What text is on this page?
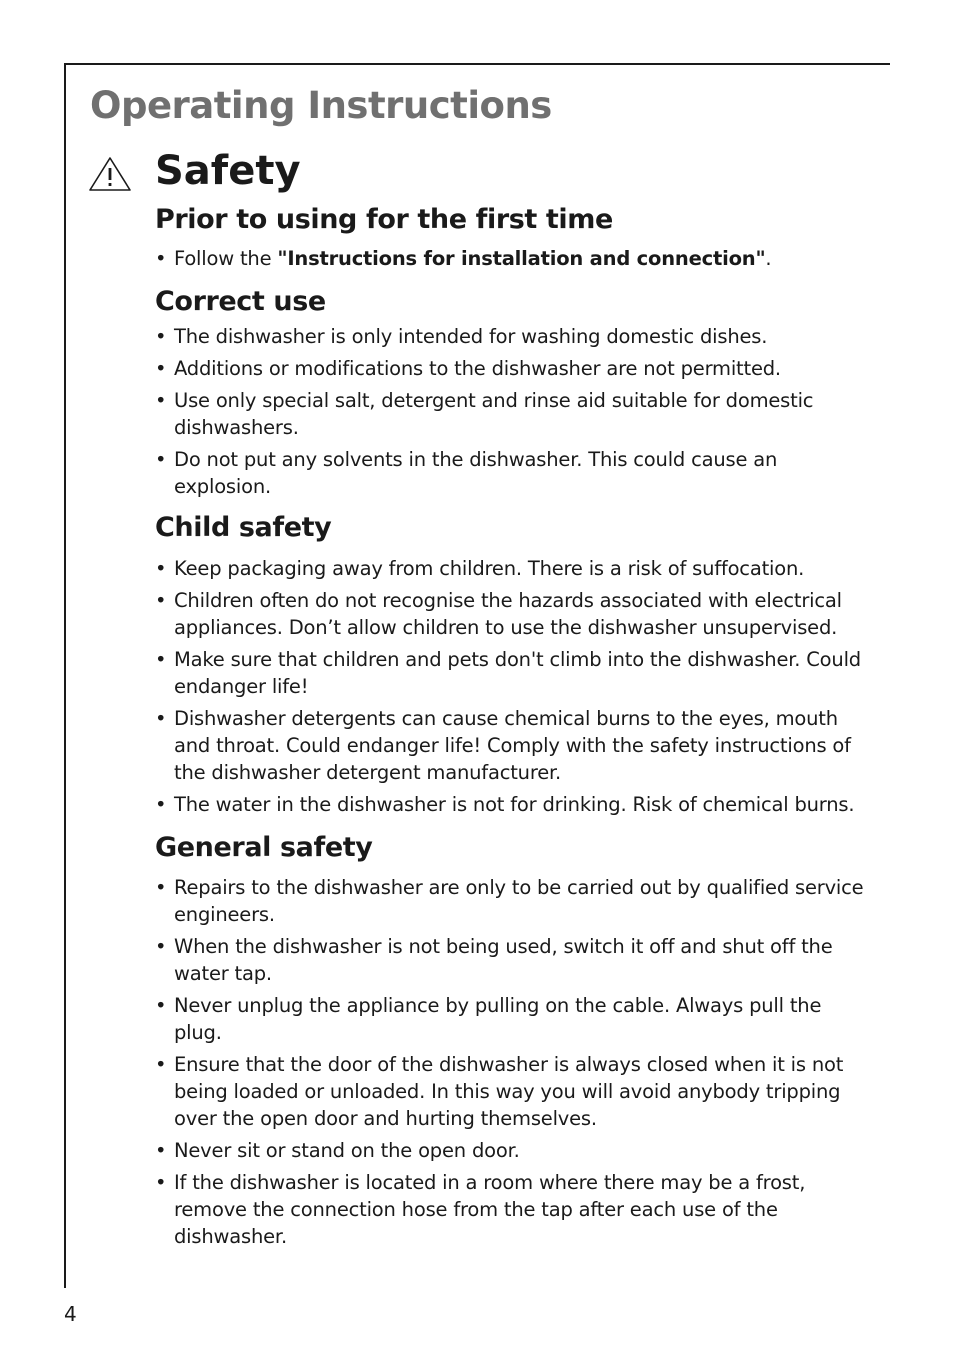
Operating Instructions
Safety
Prior to using for the first time
• Follow the "Instructions for installation and connection".
Correct use
• The dishwasher is only intended for washing domestic dishes.
• Additions or modifications to the dishwasher are not permitted.
• Use only special salt, detergent and rinse aid suitable for domestic dishwashers.
• Do not put any solvents in the dishwasher. This could cause an explosion.
Child safety
• Keep packaging away from children. There is a risk of suffocation.
• Children often do not recognise the hazards associated with electrical appliances. Don’t allow children to use the dishwasher unsupervised.
• Make sure that children and pets don't climb into the dishwasher. Could endanger life!
• Dishwasher detergents can cause chemical burns to the eyes, mouth and throat. Could endanger life! Comply with the safety instructions of the dishwasher detergent manufacturer.
• The water in the dishwasher is not for drinking. Risk of chemical burns.
General safety
• Repairs to the dishwasher are only to be carried out by qualified service engineers.
• When the dishwasher is not being used, switch it off and shut off the water tap.
• Never unplug the appliance by pulling on the cable. Always pull the plug.
• Ensure that the door of the dishwasher is always closed when it is not being loaded or unloaded. In this way you will avoid anybody tripping over the open door and hurting themselves.
• Never sit or stand on the open door.
• If the dishwasher is located in a room where there may be a frost, remove the connection hose from the tap after each use of the dishwasher.
4
